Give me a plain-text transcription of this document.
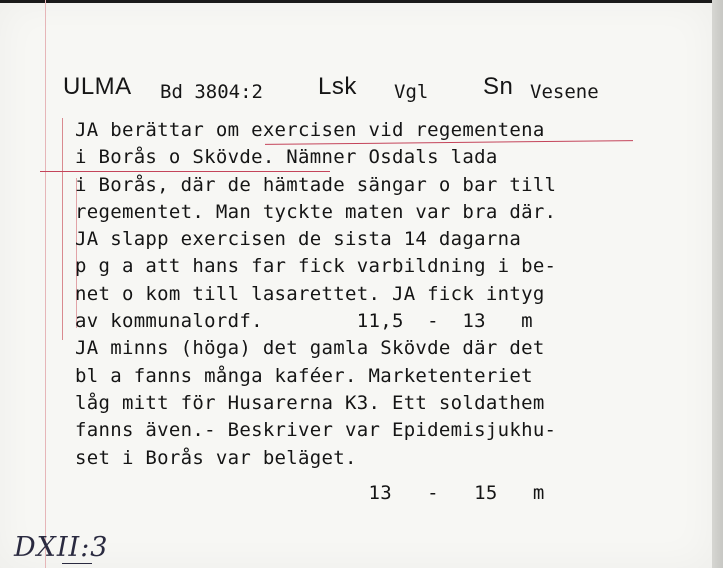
ULMA Bd 3804:2 Lsk Vgl Sn Vesene
JA berättar om exercisen vid regementena
i Borås o Skövde. Nämner Osdals lada
i Borås, där de hämtade sängar o bar till
regementet. Man tyckte maten var bra där.
JA slapp exercisen de sista 14 dagarna
p g a att hans far fick varbildning i be-
net o kom till lasarettet. JA fick intyg
av kommunalordf.        11,5  -  13   m
JA minns (höga) det gamla Skövde där det
bl a fanns många kaféer. Marketenteriet
låg mitt för Husarerna K3. Ett soldathem
fanns även.- Beskriver var Epidemisjukhu-
set i Borås var beläget.
13   -   15   m
DXII:3
